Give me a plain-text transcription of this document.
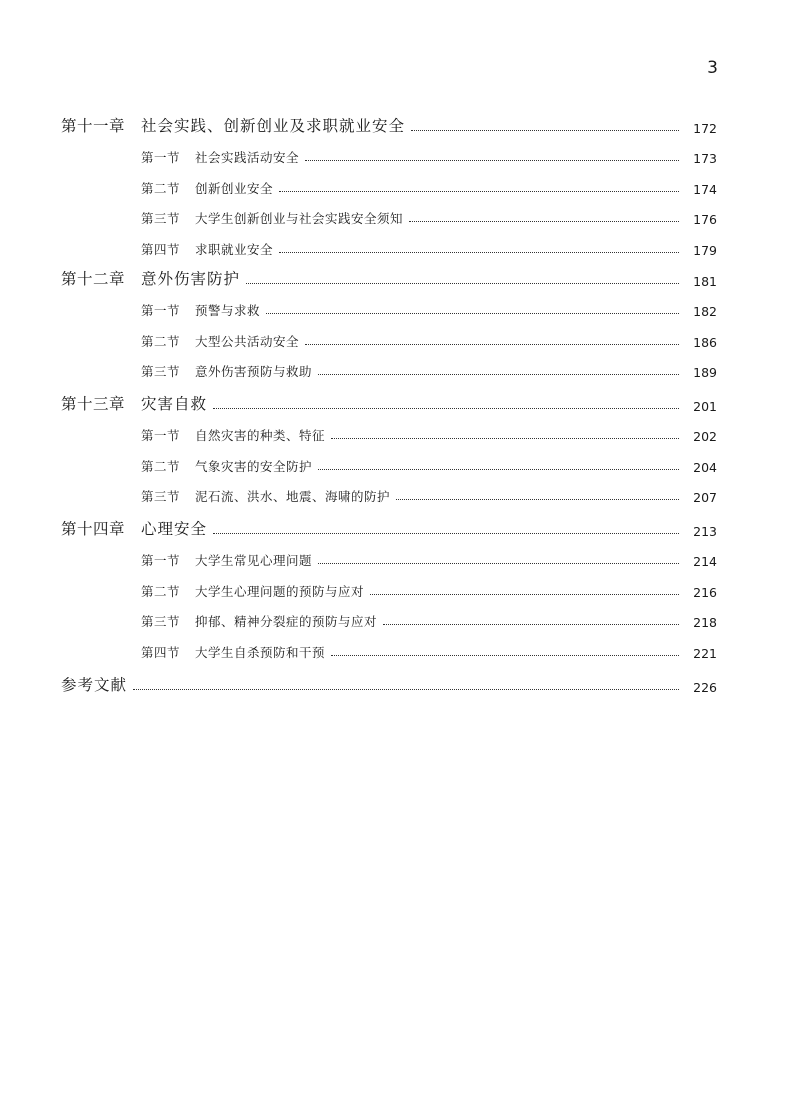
3
第十一章	社会实践、创新创业及求职就业安全	172
第一节	社会实践活动安全	173
第二节	创新创业安全	174
第三节	大学生创新创业与社会实践安全须知	176
第四节	求职就业安全	179
第十二章	意外伤害防护	181
第一节	预警与求救	182
第二节	大型公共活动安全	186
第三节	意外伤害预防与救助	189
第十三章	灾害自救	201
第一节	自然灾害的种类、特征	202
第二节	气象灾害的安全防护	204
第三节	泥石流、洪水、地震、海啸的防护	207
第十四章	心理安全	213
第一节	大学生常见心理问题	214
第二节	大学生心理问题的预防与应对	216
第三节	抑郁、精神分裂症的预防与应对	218
第四节	大学生自杀预防和干预	221
参考文献	226
